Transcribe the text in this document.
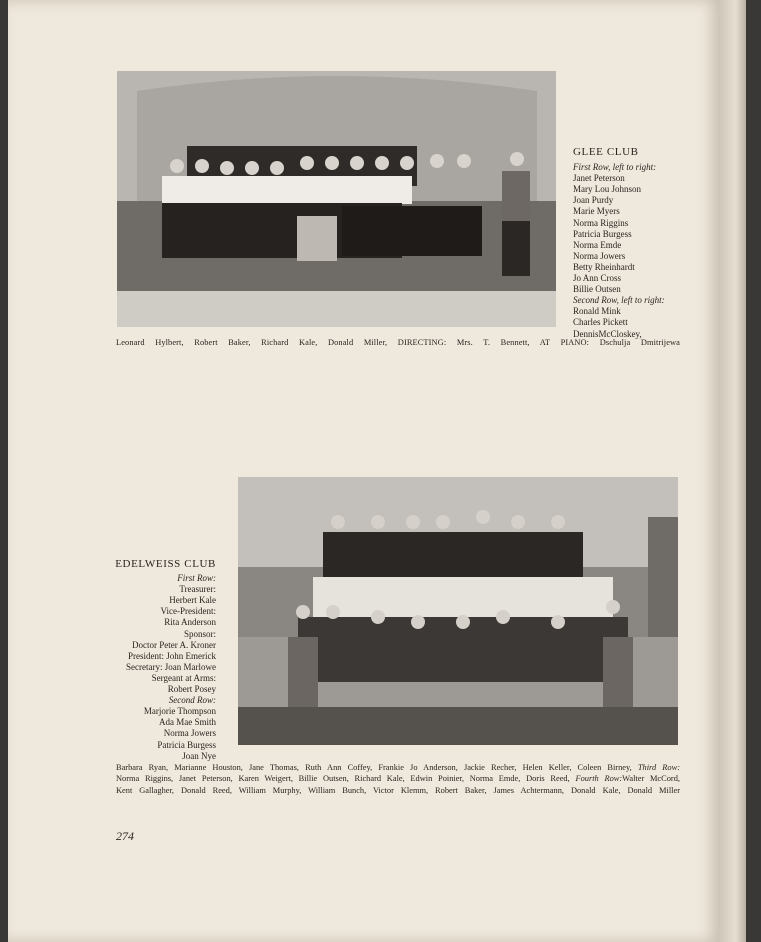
GLEE CLUB
First Row, left to right:
Janet Peterson
Mary Lou Johnson
Joan Purdy
Marie Myers
Norma Riggins
Patricia Burgess
Norma Emde
Norma Jowers
Betty Rheinhardt
Jo Ann Cross
Billie Outsen
Second Row, left to right:
Ronald Mink
Charles Pickett
DennisMcCloskey,
Leonard Hylbert, Robert Baker, Richard Kale, Donald Miller, DIRECTING: Mrs. T. Bennett, AT PIANO: Dschulja Dmitrijewa
EDELWEISS CLUB
First Row:
Treasurer:
Herbert Kale
Vice-President:
Rita Anderson
Sponsor:
Doctor Peter A. Kroner
President: John Emerick
Secretary: Joan Marlowe
Sergeant at Arms:
Robert Posey
Second Row:
Marjorie Thompson
Ada Mae Smith
Norma Jowers
Patricia Burgess
Joan Nye
Barbara Ryan, Marianne Houston, Jane Thomas, Ruth Ann Coffey, Frankie Jo Anderson, Jackie Recher, Helen Keller, Coleen Birney, Third Row:
Norma Riggins, Janet Peterson, Karen Weigert, Billie Outsen, Richard Kale, Edwin Poinier, Norma Emde, Doris Reed, Fourth Row:Walter McCord,
Kent Gallagher, Donald Reed, William Murphy, William Bunch, Victor Klemm, Robert Baker, James Achtermann, Donald Kale, Donald Miller
274
